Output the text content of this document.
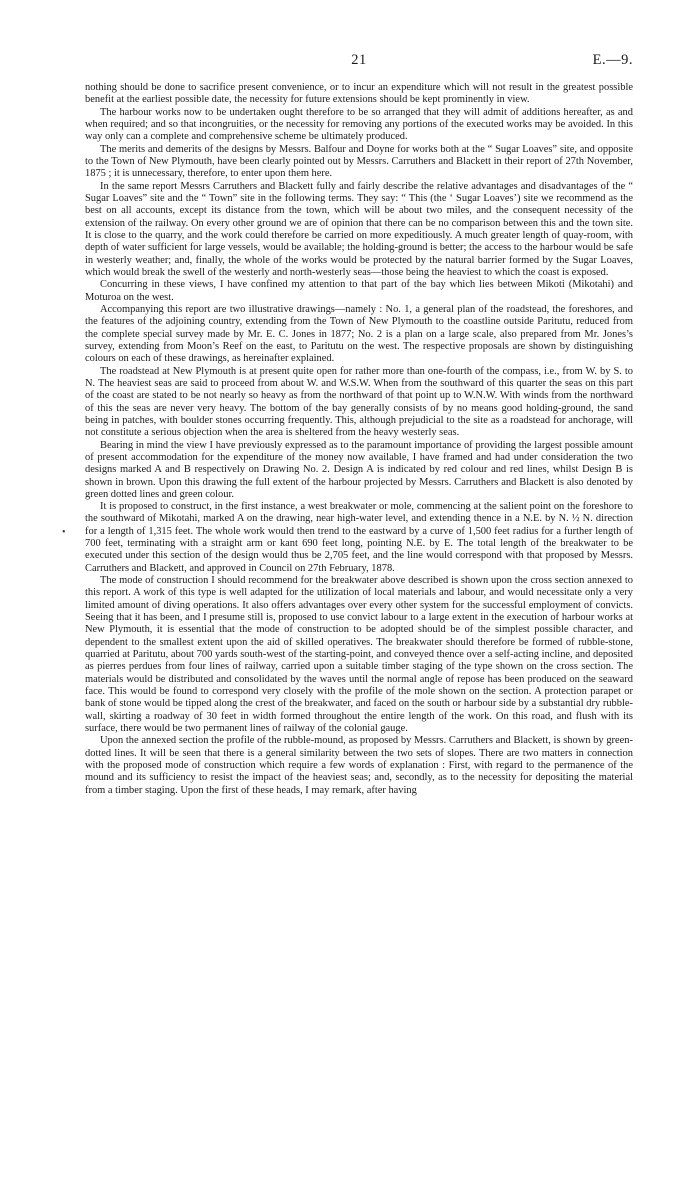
21	E.—9.
•

nothing should be done to sacrifice present convenience, or to incur an expenditure which will not result in the greatest possible benefit at the earliest possible date, the necessity for future extensions should be kept prominently in view.

The harbour works now to be undertaken ought therefore to be so arranged that they will admit of additions hereafter, as and when required; and so that incongruities, or the necessity for removing any portions of the executed works may be avoided. In this way only can a complete and comprehensive scheme be ultimately produced.

The merits and demerits of the designs by Messrs. Balfour and Doyne for works both at the “ Sugar Loaves” site, and opposite to the Town of New Plymouth, have been clearly pointed out by Messrs. Carruthers and Blackett in their report of 27th November, 1875 ; it is unnecessary, therefore, to enter upon them here.

In the same report Messrs Carruthers and Blackett fully and fairly describe the relative advantages and disadvantages of the “ Sugar Loaves” site and the “ Town” site in the following terms. They say: “ This (the ‘ Sugar Loaves’) site we recommend as the best on all accounts, except its distance from the town, which will be about two miles, and the consequent necessity of the extension of the railway. On every other ground we are of opinion that there can be no comparison between this and the town site. It is close to the quarry, and the work could therefore be carried on more expeditiously. A much greater length of quay-room, with depth of water sufficient for large vessels, would be available; the holding-ground is better; the access to the harbour would be safe in westerly weather; and, finally, the whole of the works would be protected by the natural barrier formed by the Sugar Loaves, which would break the swell of the westerly and north-westerly seas—those being the heaviest to which the coast is exposed.

Concurring in these views, I have confined my attention to that part of the bay which lies between Mikoti (Mikotahi) and Moturoa on the west.

Accompanying this report are two illustrative drawings—namely : No. 1, a general plan of the roadstead, the foreshores, and the features of the adjoining country, extending from the Town of New Plymouth to the coastline outside Paritutu, reduced from the complete special survey made by Mr. E. C. Jones in 1877; No. 2 is a plan on a large scale, also prepared from Mr. Jones’s survey, extending from Moon’s Reef on the east, to Paritutu on the west. The respective proposals are shown by distinguishing colours on each of these drawings, as hereinafter explained.

The roadstead at New Plymouth is at present quite open for rather more than one-fourth of the compass, i.e., from W. by S. to N. The heaviest seas are said to proceed from about W. and W.S.W. When from the southward of this quarter the seas on this part of the coast are stated to be not nearly so heavy as from the northward of that point up to W.N.W. With winds from the northward of this the seas are never very heavy. The bottom of the bay generally consists of by no means good holding-ground, the sand being in patches, with boulder stones occurring frequently. This, although prejudicial to the site as a roadstead for anchorage, will not constitute a serious objection when the area is sheltered from the heavy westerly seas.

Bearing in mind the view I have previously expressed as to the paramount importance of providing the largest possible amount of present accommodation for the expenditure of the money now available, I have framed and had under consideration the two designs marked A and B respectively on Drawing No. 2. Design A is indicated by red colour and red lines, whilst Design B is shown in brown. Upon this drawing the full extent of the harbour projected by Messrs. Carruthers and Blackett is also denoted by green dotted lines and green colour.

It is proposed to construct, in the first instance, a west breakwater or mole, commencing at the salient point on the foreshore to the southward of Mikotahi, marked A on the drawing, near high-water level, and extending thence in a N.E. by N. ½ N. direction for a length of 1,315 feet. The whole work would then trend to the eastward by a curve of 1,500 feet radius for a further length of 700 feet, terminating with a straight arm or kant 690 feet long, pointing N.E. by E. The total length of the breakwater to be executed under this section of the design would thus be 2,705 feet, and the line would correspond with that proposed by Messrs. Carruthers and Blackett, and approved in Council on 27th February, 1878.

The mode of construction I should recommend for the breakwater above described is shown upon the cross section annexed to this report. A work of this type is well adapted for the utilization of local materials and labour, and would necessitate only a very limited amount of diving operations. It also offers advantages over every other system for the successful employment of convicts. Seeing that it has been, and I presume still is, proposed to use convict labour to a large extent in the execution of harbour works at New Plymouth, it is essential that the mode of construction to be adopted should be of the simplest possible character, and dependent to the smallest extent upon the aid of skilled operatives. The breakwater should therefore be formed of rubble-stone, quarried at Paritutu, about 700 yards south-west of the starting-point, and conveyed thence over a self-acting incline, and deposited as pierres perdues from four lines of railway, carried upon a suitable timber staging of the type shown on the cross section. The materials would be distributed and consolidated by the waves until the normal angle of repose has been produced on the seaward face. This would be found to correspond very closely with the profile of the mole shown on the section. A protection parapet or bank of stone would be tipped along the crest of the breakwater, and faced on the south or harbour side by a substantial dry rubble-wall, skirting a roadway of 30 feet in width formed throughout the entire length of the work. On this road, and flush with its surface, there would be two permanent lines of railway of the colonial gauge.

Upon the annexed section the profile of the rubble-mound, as proposed by Messrs. Carruthers and Blackett, is shown by green-dotted lines. It will be seen that there is a general similarity between the two sets of slopes. There are two matters in connection with the proposed mode of construction which require a few words of explanation : First, with regard to the permanence of the mound and its sufficiency to resist the impact of the heaviest seas; and, secondly, as to the necessity for depositing the material from a timber staging. Upon the first of these heads, I may remark, after having
